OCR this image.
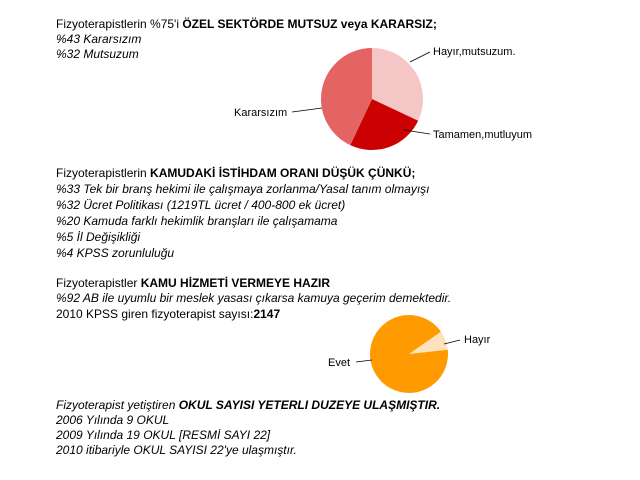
Fizyoterapistlerin %75'i ÖZEL SEKTÖRDE MUTSUZ veya KARARSIZ;
%43 Kararsızım
%32 Mutsuzum
Fizyoterapistlerin KAMUDAKİ İSTİHDAM ORANI DÜŞÜK ÇÜNKÜ;
%33 Tek bir branş hekimi ile çalışmaya zorlanma/Yasal tanım olmayışı
%32 Ücret Politikası (1219TL ücret / 400-800 ek ücret)
%20 Kamuda farklı hekimlik branşları ile çalışamama
%5 İl Değişikliği
%4 KPSS zorunluluğu
Fizyoterapistler KAMU HİZMETİ VERMEYE HAZIR
%92 AB ile uyumlu bir meslek yasası çıkarsa kamuya geçerim demektedir.
2010 KPSS giren fizyoterapist sayısı:2147
Fizyoterapist yetiştiren OKUL SAYISI YETERLI DUZEYE ULAŞMIŞTIR.
2006 Yılında 9 OKUL
2009 Yılında 19 OKUL [RESMİ SAYI 22]
2010 itibariyle OKUL SAYISI 22'ye ulaşmıştır.
Hayır,mutsuzum.
Tamamen,mutluyum
Kararsızım
Hayır
Evet
